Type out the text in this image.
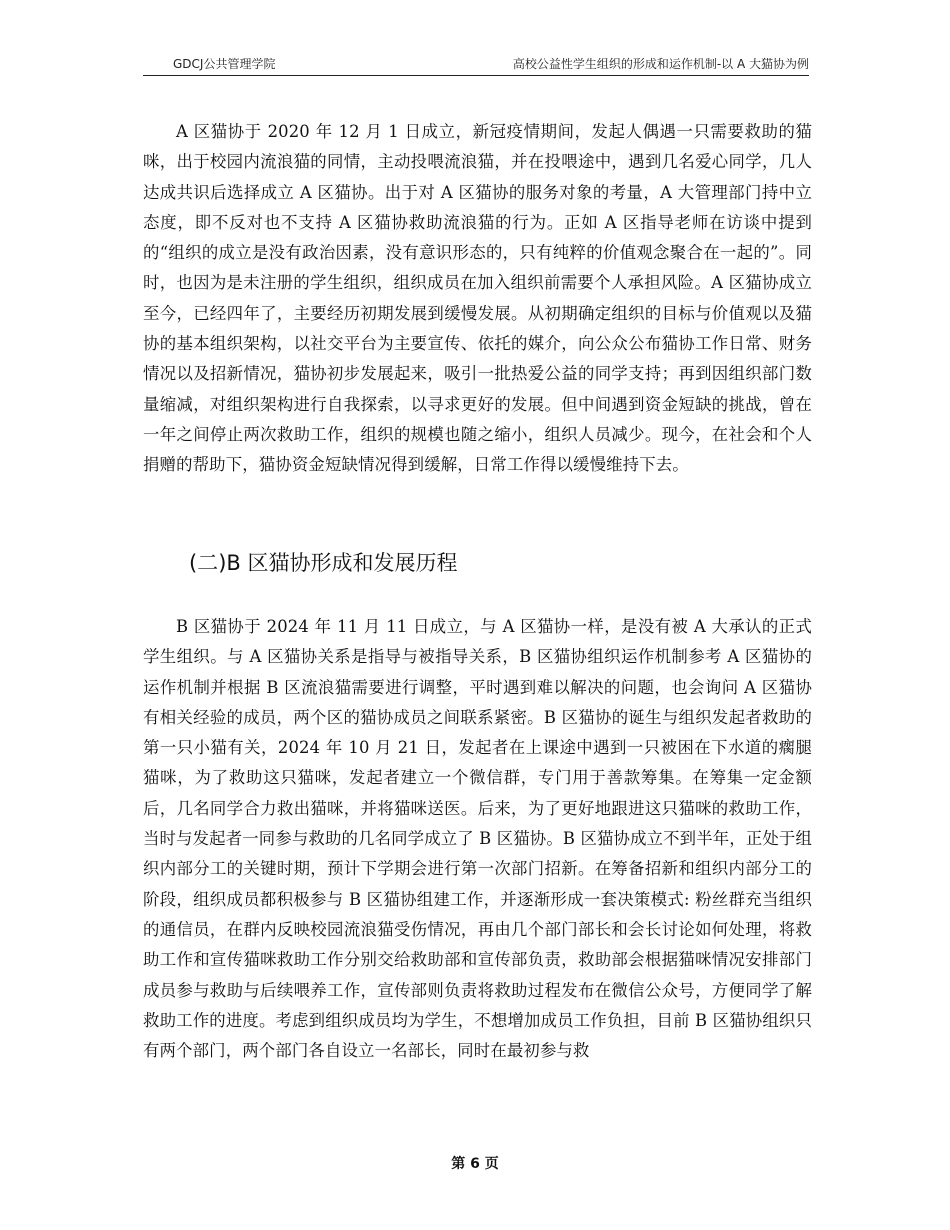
GDCJ公共管理学院	高校公益性学生组织的形成和运作机制-以 A 大猫协为例

A 区猫协于 2020 年 12 月 1 日成立，新冠疫情期间，发起人偶遇一只需要救助的猫咪，出于校园内流浪猫的同情，主动投喂流浪猫，并在投喂途中，遇到几名爱心同学，几人达成共识后选择成立 A 区猫协。出于对 A 区猫协的服务对象的考量，A 大管理部门持中立态度，即不反对也不支持 A 区猫协救助流浪猫的行为。正如 A 区指导老师在访谈中提到的“组织的成立是没有政治因素，没有意识形态的，只有纯粹的价值观念聚合在一起的”。同时，也因为是未注册的学生组织，组织成员在加入组织前需要个人承担风险。A 区猫协成立至今，已经四年了，主要经历初期发展到缓慢发展。从初期确定组织的目标与价值观以及猫协的基本组织架构，以社交平台为主要宣传、依托的媒介，向公众公布猫协工作日常、财务情况以及招新情况，猫协初步发展起来，吸引一批热爱公益的同学支持；再到因组织部门数量缩减，对组织架构进行自我探索，以寻求更好的发展。但中间遇到资金短缺的挑战，曾在一年之间停止两次救助工作，组织的规模也随之缩小，组织人员减少。现今，在社会和个人捐赠的帮助下，猫协资金短缺情况得到缓解，日常工作得以缓慢维持下去。

(二)B 区猫协形成和发展历程

B 区猫协于 2024 年 11 月 11 日成立，与 A 区猫协一样，是没有被 A 大承认的正式学生组织。与 A 区猫协关系是指导与被指导关系，B 区猫协组织运作机制参考 A 区猫协的运作机制并根据 B 区流浪猫需要进行调整，平时遇到难以解决的问题，也会询问 A 区猫协有相关经验的成员，两个区的猫协成员之间联系紧密。B 区猫协的诞生与组织发起者救助的第一只小猫有关，2024 年 10 月 21 日，发起者在上课途中遇到一只被困在下水道的瘸腿猫咪，为了救助这只猫咪，发起者建立一个微信群，专门用于善款筹集。在筹集一定金额后，几名同学合力救出猫咪，并将猫咪送医。后来，为了更好地跟进这只猫咪的救助工作，当时与发起者一同参与救助的几名同学成立了 B 区猫协。B 区猫协成立不到半年，正处于组织内部分工的关键时期，预计下学期会进行第一次部门招新。在筹备招新和组织内部分工的阶段，组织成员都积极参与 B 区猫协组建工作，并逐渐形成一套决策模式: 粉丝群充当组织的通信员，在群内反映校园流浪猫受伤情况，再由几个部门部长和会长讨论如何处理，将救助工作和宣传猫咪救助工作分别交给救助部和宣传部负责，救助部会根据猫咪情况安排部门成员参与救助与后续喂养工作，宣传部则负责将救助过程发布在微信公众号，方便同学了解救助工作的进度。考虑到组织成员均为学生，不想增加成员工作负担，目前 B 区猫协组织只有两个部门，两个部门各自设立一名部长，同时在最初参与救

第 6 页
